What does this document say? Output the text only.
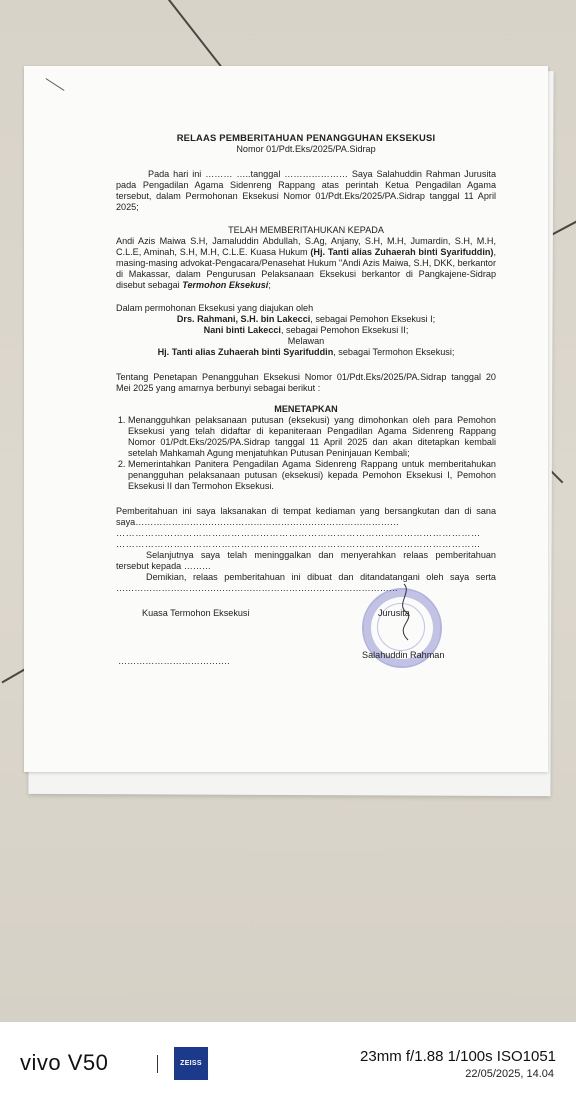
RELAAS PEMBERITAHUAN PENANGGUHAN EKSEKUSI
Nomor 01/Pdt.Eks/2025/PA.Sidrap

Pada hari ini ……… …..tanggal ………………… Saya Salahuddin Rahman Jurusita pada Pengadilan Agama Sidenreng Rappang atas perintah Ketua Pengadilan Agama tersebut, dalam Permohonan Eksekusi Nomor 01/Pdt.Eks/2025/PA.Sidrap tanggal 11 April 2025;

TELAH MEMBERITAHUKAN KEPADA

Andi Azis Maiwa S.H, Jamaluddin Abdullah, S.Ag, Anjany, S.H, M.H, Jumardin, S.H, M.H, C.L.E, Aminah, S.H, M.H, C.L.E. Kuasa Hukum (Hj. Tanti alias Zuhaerah binti Syarifuddin), masing-masing advokat-Pengacara/Penasehat Hukum "Andi Azis Maiwa, S.H, DKK, berkantor di Makassar, dalam Pengurusan Pelaksanaan Eksekusi berkantor di Pangkajene-Sidrap disebut sebagai Termohon Eksekusi;

Dalam permohonan Eksekusi yang diajukan oleh

Drs. Rahmani, S.H. bin Lakecci, sebagai Pemohon Eksekusi I;

Nani binti Lakecci, sebagai Pemohon Eksekusi II;

Melawan

Hj. Tanti alias Zuhaerah binti Syarifuddin, sebagai Termohon Eksekusi;

Tentang Penetapan Penangguhan Eksekusi Nomor 01/Pdt.Eks/2025/PA.Sidrap tanggal 20 Mei 2025 yang amarnya berbunyi sebagai berikut :

MENETAPKAN

1. Menangguhkan pelaksanaan putusan (eksekusi) yang dimohonkan oleh para Pemohon Eksekusi yang telah didaftar di kepaniteraan Pengadilan Agama Sidenreng Rappang Nomor 01/Pdt.Eks/2025/PA.Sidrap tanggal 11 April 2025 dan akan ditetapkan kembali setelah Mahkamah Agung menjatuhkan Putusan Peninjauan Kembali;
2. Memerintahkan Panitera Pengadilan Agama Sidenreng Rappang untuk memberitahukan penangguhan pelaksanaan putusan (eksekusi) kepada Pemohon Eksekusi I, Pemohon Eksekusi II dan Termohon Eksekusi.

Pemberitahuan ini saya laksanakan di tempat kediaman yang bersangkutan dan di sana saya……………………………………………………………………………

……………………………………………………………………………………………………

……………………………………………………………………………………………………

Selanjutnya saya telah meninggalkan dan menyerahkan relaas pemberitahuan tersebut kepada ………

Demikian, relaas pemberitahuan ini dibuat dan ditandatangani oleh saya serta …………………………………………………………………………………

Kuasa Termohon Eksekusi	Jurusita
Salahuddin Rahman
……………………………….
vivo V50	ZEISS	23mm f/1.88 1/100s ISO1051
22/05/2025, 14.04
